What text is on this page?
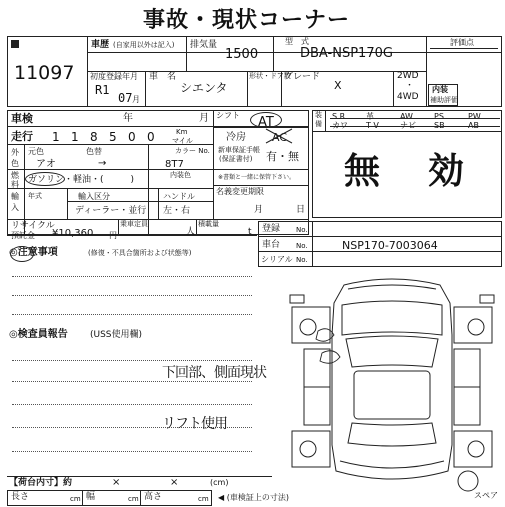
事故・現状コーナー
11097
車歴 (自家用以外は記入) 排気量
1500
型　式
DBA-NSP170G
評価点
初度登録年月
R1
07 月
車　名
シエンタ
形状・ドア数
グレード
X
2WD
・
4WD
内装
補助評価
車検	年	月 シフト AT
走行 1 1 8 5 0 0	Km
マイル	冷房 AC
外
色
元色	色替
アオ	→
カラー No.
8T7
新車保証手帳
(保証書付) 有・無
※書類と一緒に保管下さい。
燃
料 ガソリン・軽油・(　　　)	内装色
輸
入
年式	輸入区分
ディーラー・並行
ハンドル
左・右
名義変更期限
月	日
リサイクル
預託金 ¥10,360 円
乗車定員
人
積載量
t
装
備
S R	革	AW	PS	PW
カワ T V	ナビ SB	AB
無　効
登録 No.
車台 No.	NSP170-7003064
シリアル No.
◎注意事項	(修復・不具合箇所および状態等)
◎検査員報告 (USS使用欄)
下回部、側面現状
リフト使用
スペア
【荷台内寸】約	×	×	(cm)
長さ	cm 幅	cm 高さ	cm ◀ (車検証上の寸法)
